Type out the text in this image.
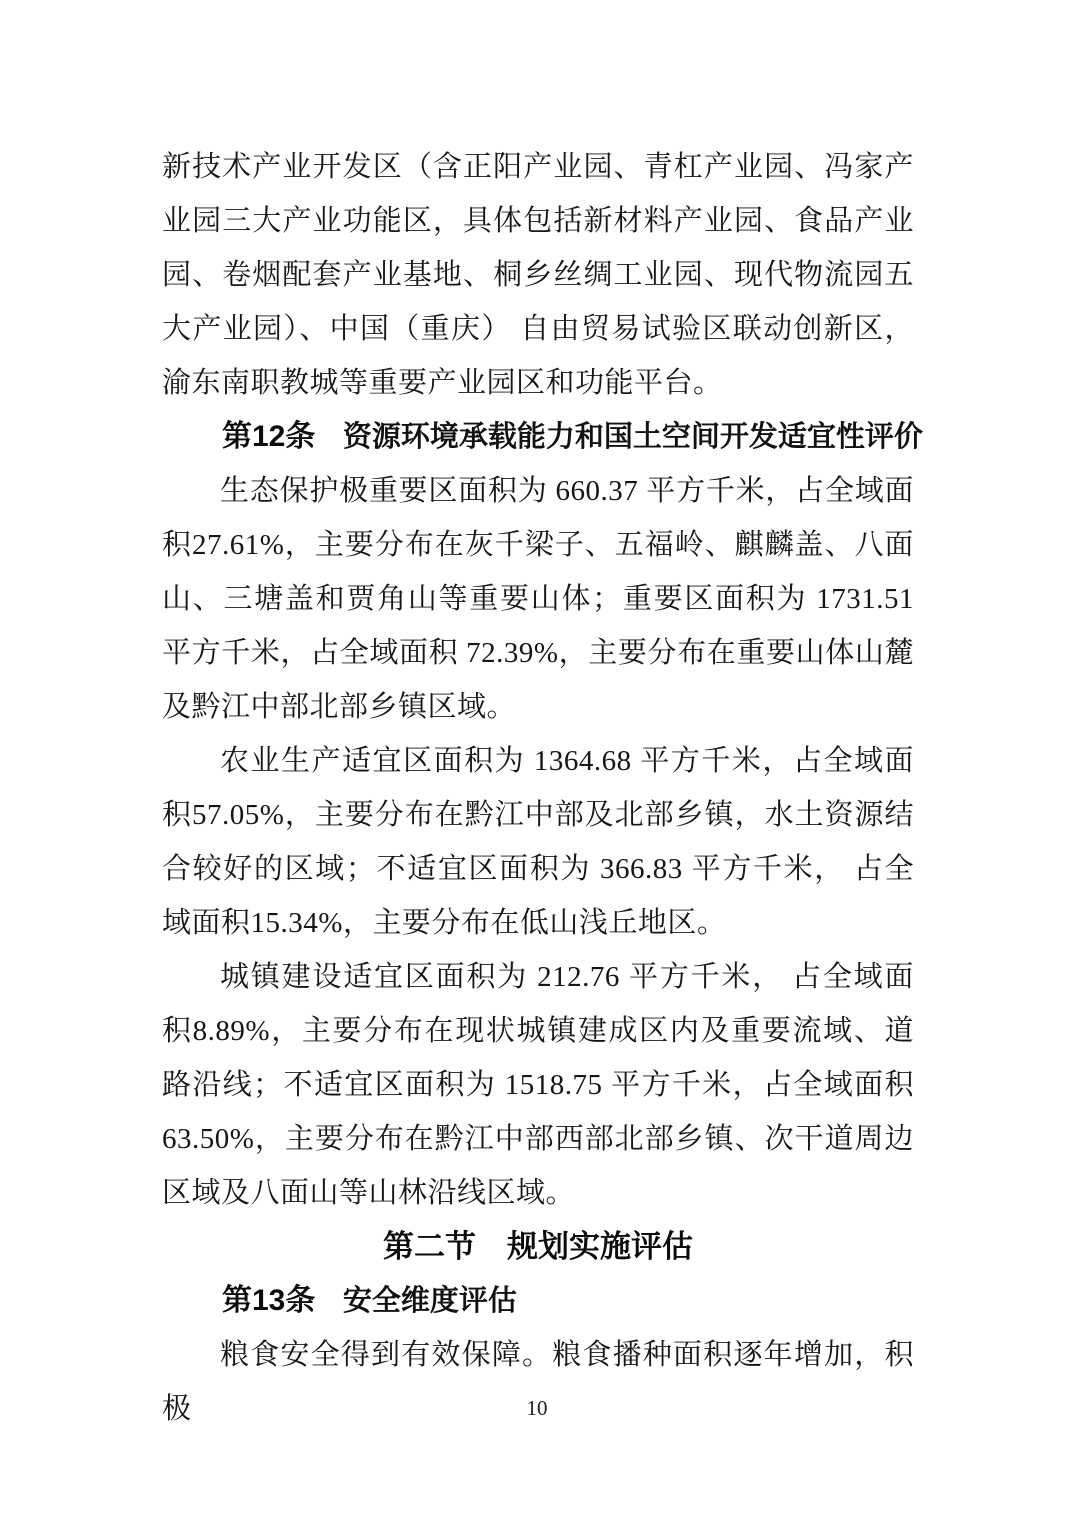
新技术产业开发区（含正阳产业园、青杠产业园、冯家产业园三大产业功能区，具体包括新材料产业园、食品产业园、卷烟配套产业基地、桐乡丝绸工业园、现代物流园五大产业园）、中国（重庆） 自由贸易试验区联动创新区，渝东南职教城等重要产业园区和功能平台。

第12条 资源环境承载能力和国土空间开发适宜性评价

生态保护极重要区面积为 660.37 平方千米，占全域面积27.61%，主要分布在灰千梁子、五福岭、麒麟盖、八面山、三塘盖和贾角山等重要山体；重要区面积为 1731.51 平方千米，占全域面积 72.39%，主要分布在重要山体山麓及黔江中部北部乡镇区域。

农业生产适宜区面积为 1364.68 平方千米，占全域面积57.05%，主要分布在黔江中部及北部乡镇，水土资源结合较好的区域；不适宜区面积为 366.83 平方千米， 占全域面积15.34%，主要分布在低山浅丘地区。

城镇建设适宜区面积为 212.76 平方千米， 占全域面积8.89%，主要分布在现状城镇建成区内及重要流域、道路沿线；不适宜区面积为 1518.75 平方千米，占全域面积63.50%，主要分布在黔江中部西部北部乡镇、次干道周边区域及八面山等山林沿线区域。

第二节 规划实施评估

第13条 安全维度评估

粮食安全得到有效保障。粮食播种面积逐年增加，积极	10
